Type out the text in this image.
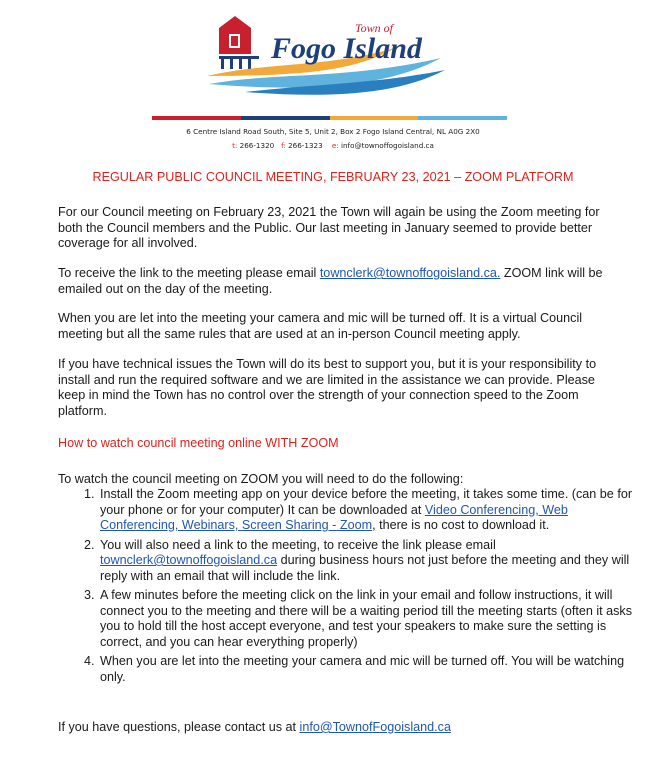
Town of
Fogo Island
6 Centre Island Road South, Site 5, Unit 2, Box 2 Fogo Island Central, NL A0G 2X0
t: 266-1320 f: 266-1323 e: info@townoffogoisland.ca
REGULAR PUBLIC COUNCIL MEETING, FEBRUARY 23, 2021 – ZOOM PLATFORM

For our Council meeting on February 23, 2021 the Town will again be using the Zoom meeting for both the Council members and the Public. Our last meeting in January seemed to provide better coverage for all involved.

To receive the link to the meeting please email townclerk@townoffogoisland.ca. ZOOM link will be emailed out on the day of the meeting.

When you are let into the meeting your camera and mic will be turned off. It is a virtual Council meeting but all the same rules that are used at an in-person Council meeting apply.

If you have technical issues the Town will do its best to support you, but it is your responsibility to install and run the required software and we are limited in the assistance we can provide. Please keep in mind the Town has no control over the strength of your connection speed to the Zoom platform.

How to watch council meeting online WITH ZOOM

To watch the council meeting on ZOOM you will need to do the following:

1. Install the Zoom meeting app on your device before the meeting, it takes some time. (can be for your phone or for your computer) It can be downloaded at Video Conferencing, Web Conferencing, Webinars, Screen Sharing - Zoom, there is no cost to download it.
2. You will also need a link to the meeting, to receive the link please email townclerk@townoffogoisland.ca during business hours not just before the meeting and they will reply with an email that will include the link.
3. A few minutes before the meeting click on the link in your email and follow instructions, it will connect you to the meeting and there will be a waiting period till the meeting starts (often it asks you to hold till the host accept everyone, and test your speakers to make sure the setting is correct, and you can hear everything properly)
4. When you are let into the meeting your camera and mic will be turned off. You will be watching only.

If you have questions, please contact us at info@TownofFogoisland.ca
